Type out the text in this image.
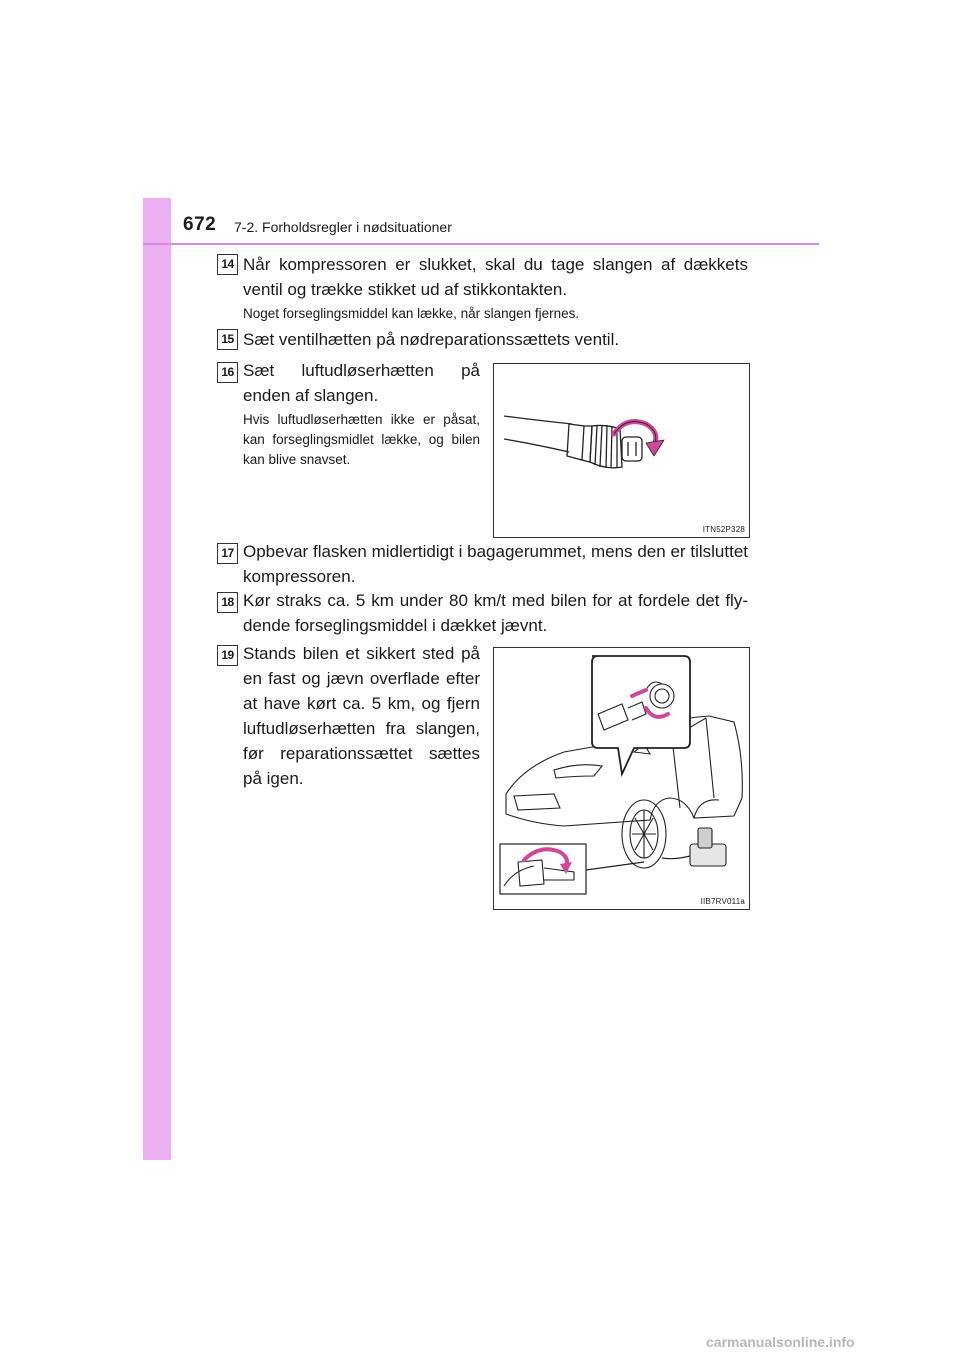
672 7-2. Forholdsregler i nødsituationer
14 Når kompressoren er slukket, skal du tage slangen af dækkets ventil og trække stikket ud af stikkontakten.
Noget forseglingsmiddel kan lække, når slangen fjernes.
15 Sæt ventilhætten på nødreparationssættets ventil.
16 Sæt luftudløserhætten på enden af slangen.
Hvis luftudløserhætten ikke er påsat, kan forseglingsmidlet lække, og bilen kan blive snavset.
ITN52P328
17 Opbevar flasken midlertidigt i bagagerummet, mens den er tilsluttet kompressoren.
18 Kør straks ca. 5 km under 80 km/t med bilen for at fordele det fly-dende forseglingsmiddel i dækket jævnt.
19 Stands bilen et sikkert sted på en fast og jævn overflade efter at have kørt ca. 5 km, og fjern luftudløserhætten fra slangen, før reparationssættet sættes på igen.
IIB7RV011a
carmanualsonline.info
